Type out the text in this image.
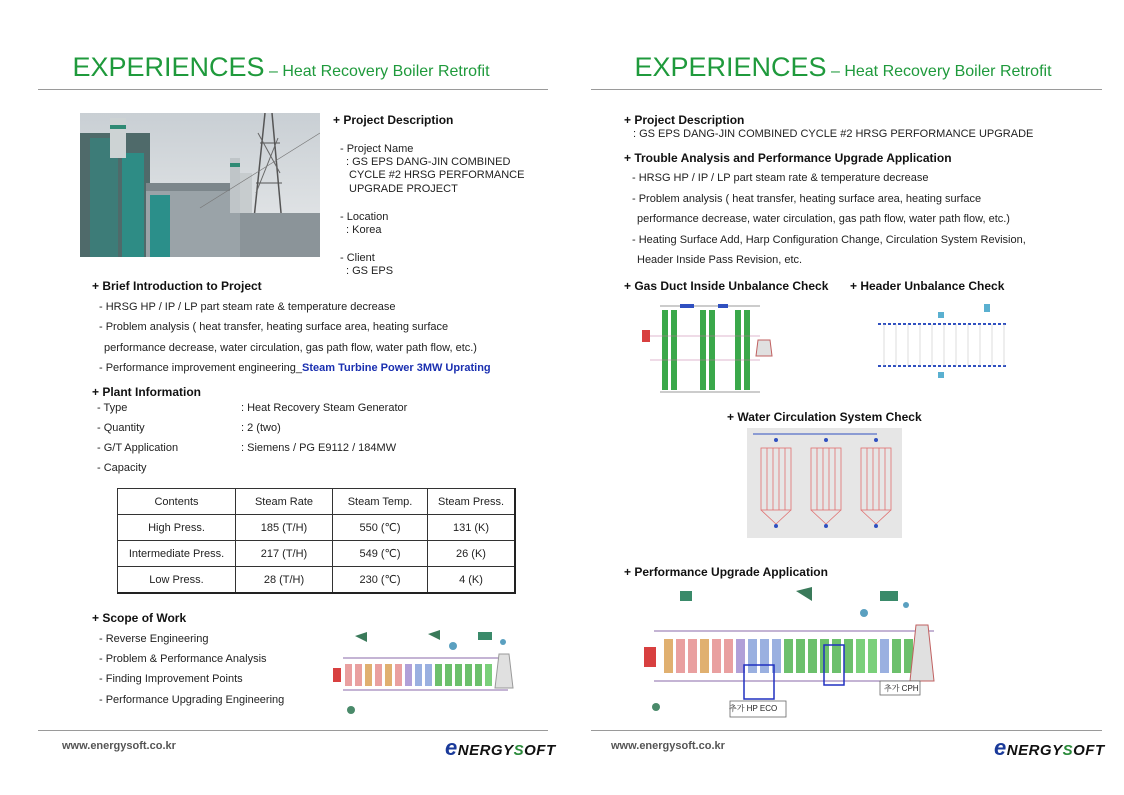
EXPERIENCES – Heat Recovery Boiler Retrofit
+ Project Description
- Project Name
: GS EPS DANG-JIN COMBINED
CYCLE #2 HRSG PERFORMANCE
UPGRADE PROJECT
- Location
: Korea
- Client
: GS EPS
+ Brief Introduction to Project
- HRSG HP / IP / LP part steam rate & temperature decrease
- Problem analysis ( heat transfer, heating surface area, heating surface
performance decrease, water circulation, gas path flow, water path flow, etc.)
- Performance improvement engineering_Steam Turbine Power 3MW Uprating
+ Plant Information
- Type	: Heat Recovery Steam Generator
- Quantity	: 2 (two)
- G/T Application	: Siemens / PG E9112 / 184MW
- Capacity
Contents	Steam Rate	Steam Temp.	Steam Press.
High Press.	185 (T/H)	550 (℃)	131 (K)
Intermediate Press.	217 (T/H)	549 (℃)	26 (K)
Low Press.	28 (T/H)	230 (℃)	4 (K)
+ Scope of Work
- Reverse Engineering
- Problem & Performance Analysis
- Finding Improvement Points
- Performance Upgrading Engineering
www.energysoft.co.kr	eNERGYSOFT
EXPERIENCES – Heat Recovery Boiler Retrofit
+ Project Description
: GS EPS DANG-JIN COMBINED CYCLE #2 HRSG PERFORMANCE UPGRADE
+ Trouble Analysis and Performance Upgrade Application
- HRSG HP / IP / LP part steam rate & temperature decrease
- Problem analysis ( heat transfer, heating surface area, heating surface
performance decrease, water circulation, gas path flow, water path flow, etc.)
- Heating Surface Add, Harp Configuration Change, Circulation System Revision,
Header Inside Pass Revision, etc.
+ Gas Duct Inside Unbalance Check + Header Unbalance Check
+ Water Circulation System Check
+ Performance Upgrade Application
추가 HP ECO
추가 CPH
www.energysoft.co.kr	eNERGYSOFT
